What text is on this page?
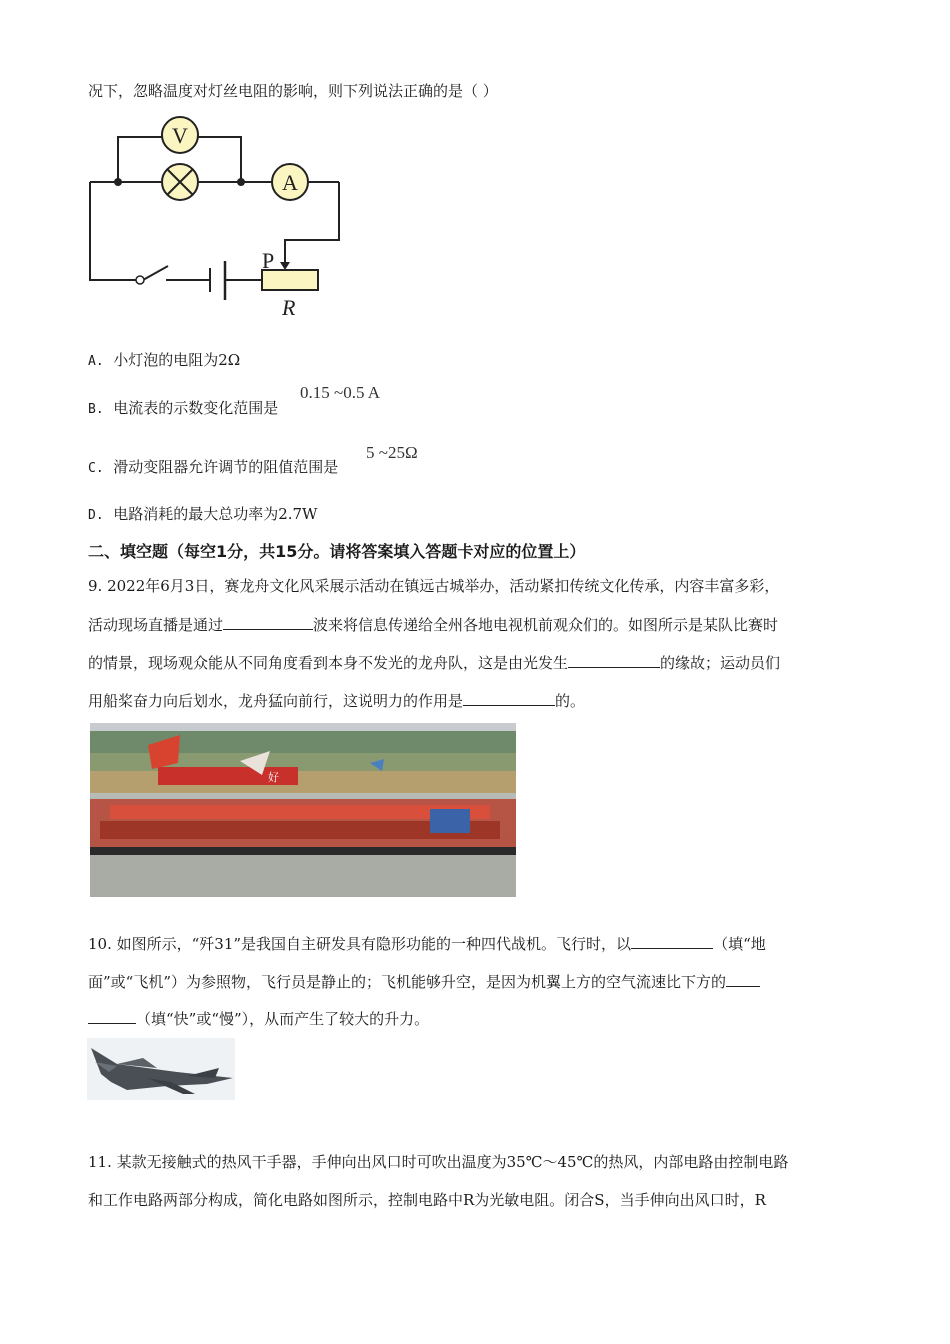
况下，忽略温度对灯丝电阻的影响，则下列说法正确的是（ ）
V
A
P
R
A. 小灯泡的电阻为2Ω
B. 电流表的示数变化范围是
0.15 ~0.5 A
C. 滑动变阻器允许调节的阻值范围是
5 ~25Ω
D. 电路消耗的最大总功率为2.7W
二、填空题（每空1分，共15分。请将答案填入答题卡对应的位置上）
9. 2022年6月3日，赛龙舟文化风采展示活动在镇远古城举办，活动紧扣传统文化传承，内容丰富多彩，
活动现场直播是通过	波来将信息传递给全州各地电视机前观众们的。如图所示是某队比赛时
的情景，现场观众能从不同角度看到本身不发光的龙舟队，这是由光发生	的缘故；运动员们
用船桨奋力向后划水，龙舟猛向前行，这说明力的作用是	的。
好
10. 如图所示，“歼31”是我国自主研发具有隐形功能的一种四代战机。飞行时，以	（填“地
面”或“飞机”）为参照物，飞行员是静止的；飞机能够升空，是因为机翼上方的空气流速比下方的
（填“快”或“慢”），从而产生了较大的升力。
11. 某款无接触式的热风干手器，手伸向出风口时可吹出温度为35℃～45℃的热风，内部电路由控制电路
和工作电路两部分构成，简化电路如图所示，控制电路中R为光敏电阻。闭合S，当手伸向出风口时，R
